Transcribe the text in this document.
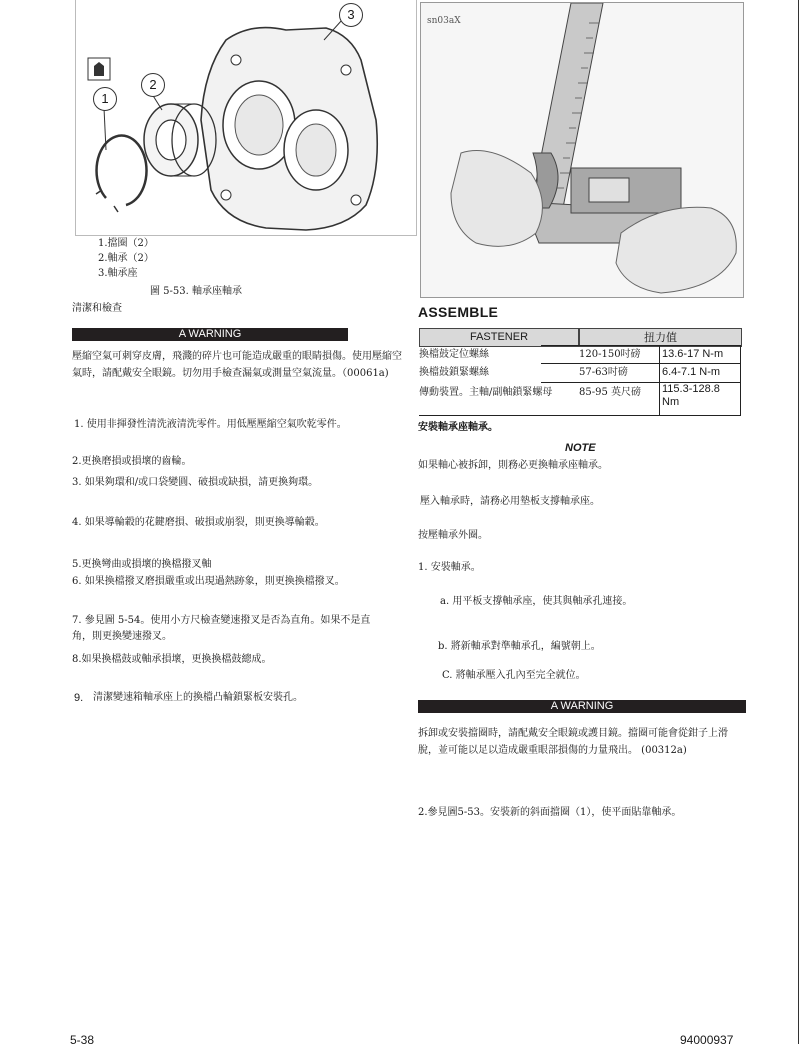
1
2
3
1.擋圈（2）
2.軸承（2）
3.軸承座
圖 5-53. 軸承座軸承
清潔和檢查
A WARNING
壓縮空氣可刺穿皮膚，飛濺的碎片也可能造成嚴重的眼睛損傷。使用壓縮空氣時，請配戴安全眼鏡。切勿用手檢查漏氣或測量空氣流量。（00061a)
1. 使用非揮發性清洗液清洗零件。用低壓壓縮空氣吹乾零件。
2.更換磨損或損壞的齒輪。
3. 如果夠環和/或口袋變圓、破損或缺損，請更換夠環。
4. 如果導輪轂的花鍵磨損、破損或崩裂，則更換導輪轂。
5.更換彎曲或損壞的換檔撥叉軸
6. 如果換檔撥叉磨損嚴重或出現過熱跡象，則更換換檔撥叉。
7. 參見圖 5-54。使用小方尺檢查變速撥叉是否為直角。如果不是直角，則更換變速撥叉。
8.如果換檔鼓或軸承損壞，更換換檔鼓總成。
9. 清潔變速箱軸承座上的換檔凸輪鎖緊板安裝孔。
sn03aX
ASSEMBLE
FASTENER	扭力值
換檔鼓定位螺絲	120-150吋磅 13.6-17 N-m
換檔鼓鎖緊螺絲	57-63吋磅	6.4-7.1 N-m
傳動裝置。主軸/副軸鎖緊螺母	85-95 英尺磅 115.3-128.8 Nm
安裝軸承座軸承。
NOTE
如果軸心被拆卸，則務必更換軸承座軸承。
壓入軸承時，請務必用墊板支撐軸承座。
按壓軸承外圈。
1. 安裝軸承。
a. 用平板支撐軸承座，使其與軸承孔連接。
b. 將新軸承對準軸承孔，編號朝上。
C. 將軸承壓入孔內至完全就位。
A WARNING
拆卸或安裝擋圈時，請配戴安全眼鏡或護目鏡。擋圈可能會從鉗子上滑脫，並可能以足以造成嚴重眼部損傷的力量飛出。 (00312a)
2.參見圖5-53。安裝新的斜面擋圈（1），使平面貼靠軸承。
5-38	94000937
